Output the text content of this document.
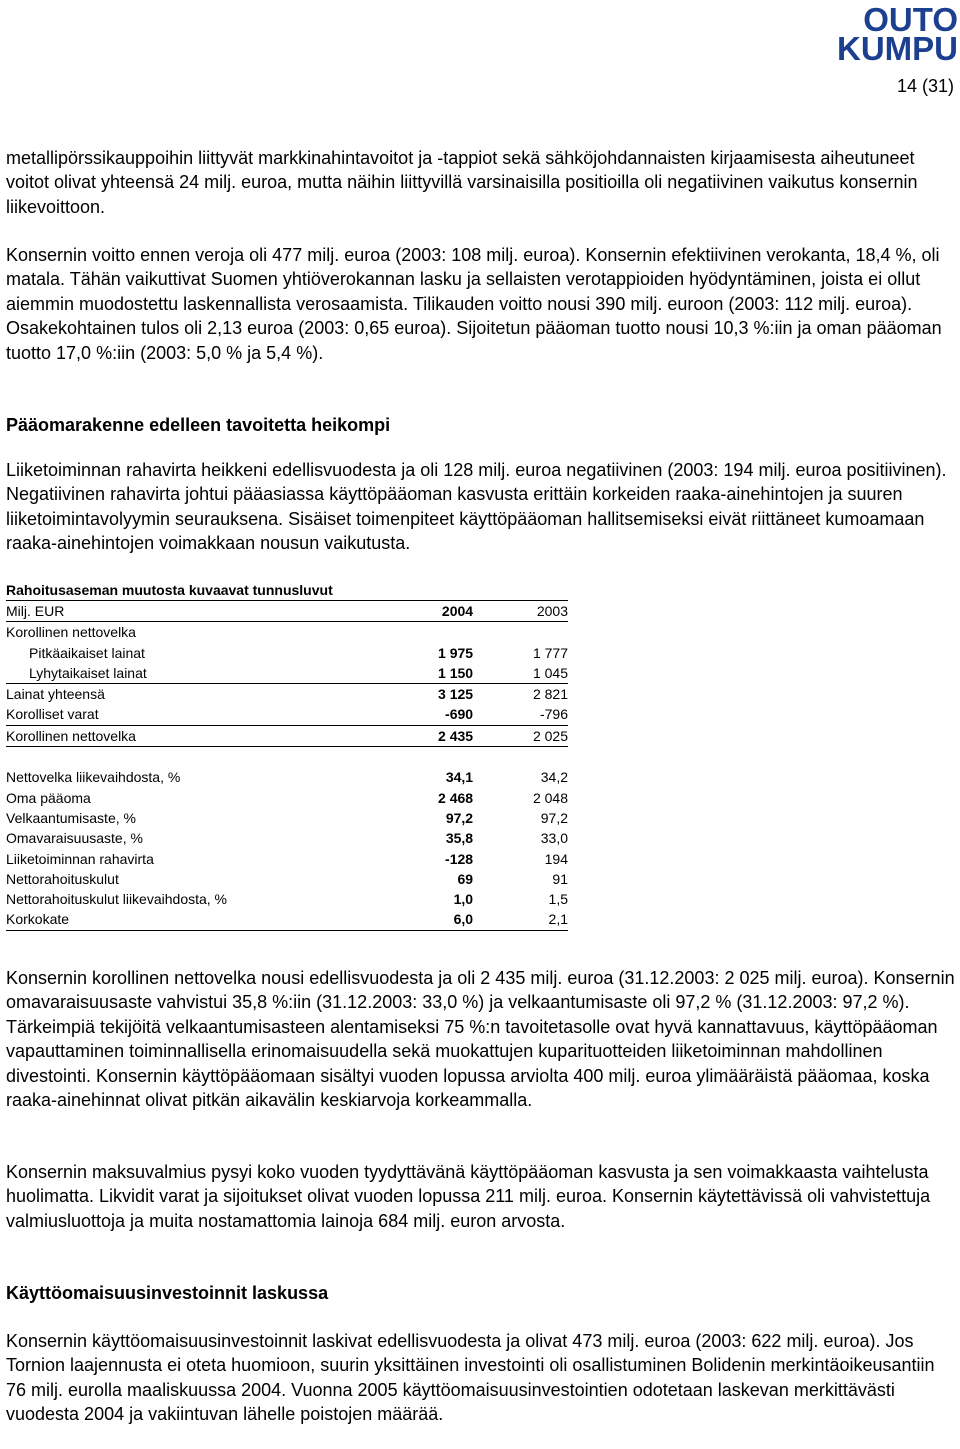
OUTO
KUMPU
14 (31)

metallipörssikauppoihin liittyvät markkinahintavoitot ja -tappiot sekä sähköjohdannaisten kirjaamisesta aiheutuneet voitot olivat yhteensä 24 milj. euroa, mutta näihin liittyvillä varsinaisilla positioilla oli negatiivinen vaikutus konsernin liikevoittoon.

Konsernin voitto ennen veroja oli 477 milj. euroa (2003: 108 milj. euroa). Konsernin efektiivinen verokanta, 18,4 %, oli matala. Tähän vaikuttivat Suomen yhtiöverokannan lasku ja sellaisten verotappioiden hyödyntäminen, joista ei ollut aiemmin muodostettu laskennallista verosaamista. Tilikauden voitto nousi 390 milj. euroon (2003: 112 milj. euroa). Osakekohtainen tulos oli 2,13 euroa (2003: 0,65 euroa). Sijoitetun pääoman tuotto nousi 10,3 %:iin ja oman pääoman tuotto 17,0 %:iin (2003: 5,0 % ja 5,4 %).

Pääomarakenne edelleen tavoitetta heikompi

Liiketoiminnan rahavirta heikkeni edellisvuodesta ja oli 128 milj. euroa negatiivinen (2003: 194 milj. euroa positiivinen). Negatiivinen rahavirta johtui pääasiassa käyttöpääoman kasvusta erittäin korkeiden raaka-ainehintojen ja suuren liiketoimintavolyymin seurauksena. Sisäiset toimenpiteet käyttöpääoman hallitsemiseksi eivät riittäneet kumoamaan raaka-ainehintojen voimakkaan nousun vaikutusta.

Rahoitusaseman muutosta kuvaavat tunnusluvut
Milj. EUR	2004	2003
Korollinen nettovelka		
Pitkäaikaiset lainat	1 975	1 777
Lyhytaikaiset lainat	1 150	1 045
Lainat yhteensä	3 125	2 821
Korolliset varat	-690	-796
Korollinen nettovelka	2 435	2 025

Nettovelka liikevaihdosta, %	34,1	34,2
Oma pääoma	2 468	2 048
Velkaantumisaste, %	97,2	97,2
Omavaraisuusaste, %	35,8	33,0
Liiketoiminnan rahavirta	-128	194
Nettorahoituskulut	69	91
Nettorahoituskulut liikevaihdosta, %	1,0	1,5
Korkokate	6,0	2,1

Konsernin korollinen nettovelka nousi edellisvuodesta ja oli 2 435 milj. euroa (31.12.2003: 2 025 milj. euroa). Konsernin omavaraisuusaste vahvistui 35,8 %:iin (31.12.2003: 33,0 %) ja velkaantumisaste oli 97,2 % (31.12.2003: 97,2 %). Tärkeimpiä tekijöitä velkaantumisasteen alentamiseksi 75 %:n tavoitetasolle ovat hyvä kannattavuus, käyttöpääoman vapauttaminen toiminnallisella erinomaisuudella sekä muokattujen kuparituotteiden liiketoiminnan mahdollinen divestointi. Konsernin käyttöpääomaan sisältyi vuoden lopussa arviolta 400 milj. euroa ylimääräistä pääomaa, koska raaka-ainehinnat olivat pitkän aikavälin keskiarvoja korkeammalla.

Konsernin maksuvalmius pysyi koko vuoden tyydyttävänä käyttöpääoman kasvusta ja sen voimakkaasta vaihtelusta huolimatta. Likvidit varat ja sijoitukset olivat vuoden lopussa 211 milj. euroa. Konsernin käytettävissä oli vahvistettuja valmiusluottoja ja muita nostamattomia lainoja 684 milj. euron arvosta.

Käyttöomaisuusinvestoinnit laskussa

Konsernin käyttöomaisuusinvestoinnit laskivat edellisvuodesta ja olivat 473 milj. euroa (2003: 622 milj. euroa). Jos Tornion laajennusta ei oteta huomioon, suurin yksittäinen investointi oli osallistuminen Bolidenin merkintäoikeusantiin 76 milj. eurolla maaliskuussa 2004. Vuonna 2005 käyttöomaisuusinvestointien odotetaan laskevan merkittävästi vuodesta 2004 ja vakiintuvan lähelle poistojen määrää.
